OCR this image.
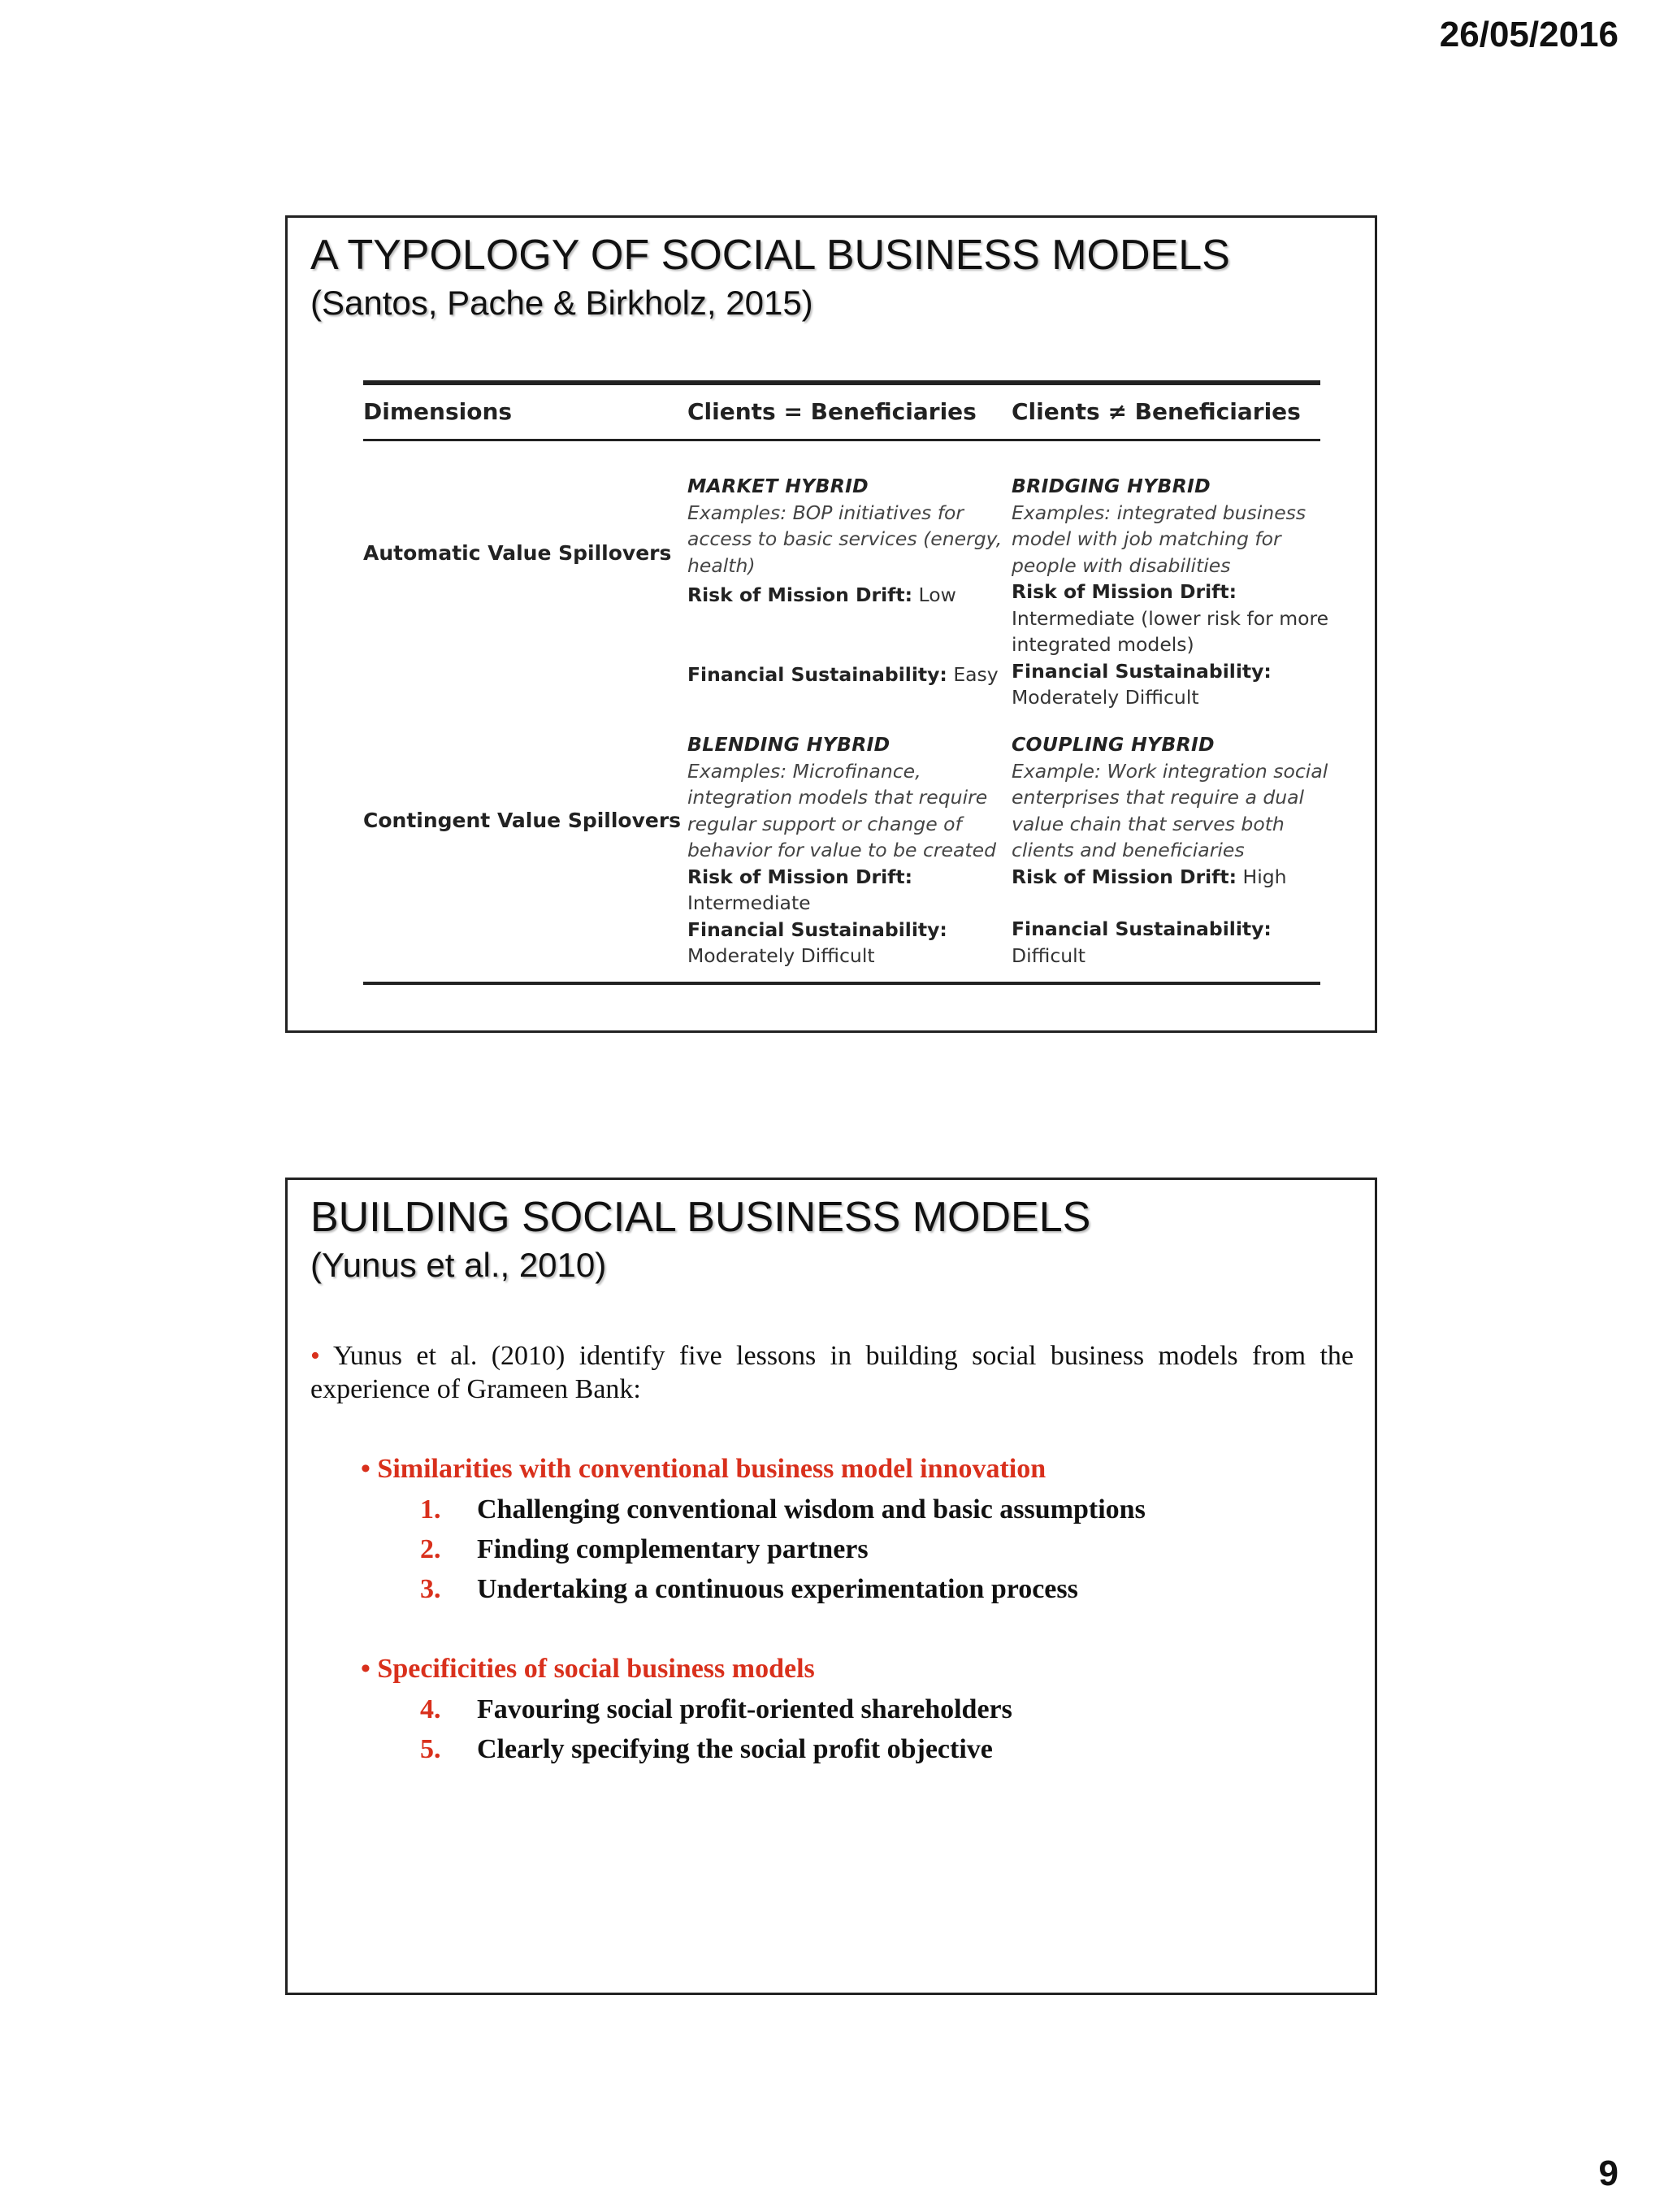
26/05/2016
A TYPOLOGY OF SOCIAL BUSINESS MODELS
(Santos, Pache & Birkholz, 2015)
Dimensions	Clients = Beneficiaries Clients ≠ Beneficiaries
Automatic Value Spillovers
MARKET HYBRID
Examples: BOP initiatives for access to basic services (energy, health)
Risk of Mission Drift: Low
Financial Sustainability: Easy
BRIDGING HYBRID
Examples: integrated business model with job matching for people with disabilities
Risk of Mission Drift:
Intermediate (lower risk for more integrated models)
Financial Sustainability:
Moderately Difficult
Contingent Value Spillovers
BLENDING HYBRID
Examples: Microfinance, integration models that require regular support or change of behavior for value to be created
Risk of Mission Drift:
Intermediate
Financial Sustainability:
Moderately Difficult
COUPLING HYBRID
Example: Work integration social enterprises that require a dual value chain that serves both clients and beneficiaries
Risk of Mission Drift: High
Financial Sustainability:
Difficult
BUILDING SOCIAL BUSINESS MODELS
(Yunus et al., 2010)
• Yunus et al. (2010) identify five lessons in building social business models from the experience of Grameen Bank:
• Similarities with conventional business model innovation
1. Challenging conventional wisdom and basic assumptions
2. Finding complementary partners
3. Undertaking a continuous experimentation process
• Specificities of social business models
4. Favouring social profit-oriented shareholders
5. Clearly specifying the social profit objective
9
